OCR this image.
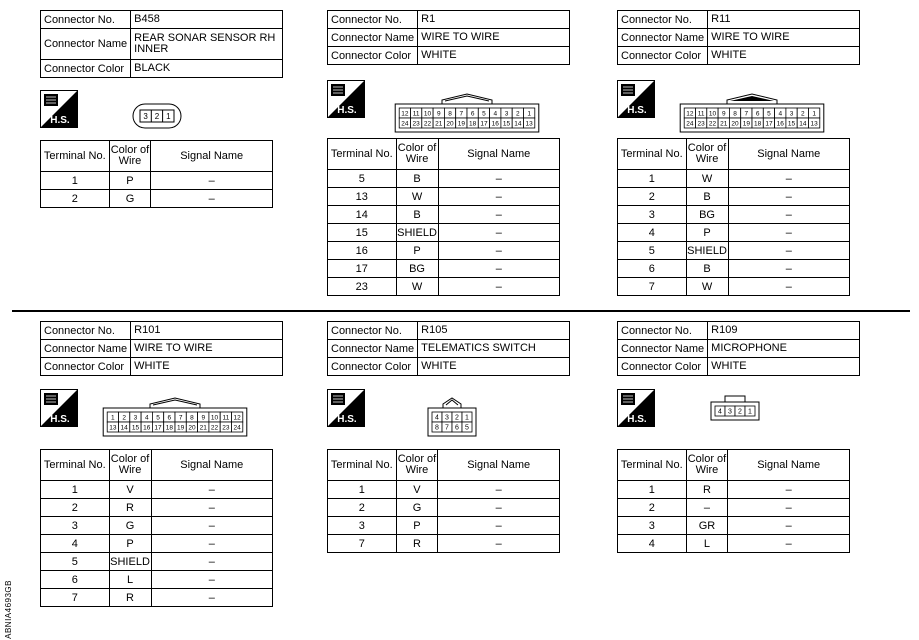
Connector No.	B458
Connector Name	REAR SONAR SENSOR RH INNER
Connector Color	BLACK
H.S.	3 2 1
Terminal No.	Color of Wire	Signal Name
1	P	–
2	G	–
Connector No.	R1
Connector Name	WIRE TO WIRE
Connector Color	WHITE
H.S.	12 11 10 9 8 7 6 5 4 3 2 1
24 23 22 21 20 19 18 17 16 15 14 13
Terminal No.	Color of Wire	Signal Name
5	B	–
13	W	–
14	B	–
15	SHIELD	–
16	P	–
17	BG	–
23	W	–
Connector No.	R11
Connector Name	WIRE TO WIRE
Connector Color	WHITE
H.S.	12 11 10 9 8 7 6 5 4 3 2 1
24 23 22 21 20 19 18 17 16 15 14 13
Terminal No.	Color of Wire	Signal Name
1	W	–
2	B	–
3	BG	–
4	P	–
5	SHIELD	–
6	B	–
7	W	–
Connector No.	R101
Connector Name	WIRE TO WIRE
Connector Color	WHITE
H.S.	1 2 3 4 5 6 7 8 9 10 11 12
13 14 15 16 17 18 19 20 21 22 23 24
Terminal No.	Color of Wire	Signal Name
1	V	–
2	R	–
3	G	–
4	P	–
5	SHIELD	–
6	L	–
7	R	–
Connector No.	R105
Connector Name	TELEMATICS SWITCH
Connector Color	WHITE
H.S.	4 3 2 1
8 7 6 5
Terminal No.	Color of Wire	Signal Name
1	V	–
2	G	–
3	P	–
7	R	–
Connector No.	R109
Connector Name	MICROPHONE
Connector Color	WHITE
H.S.
4 3 2 1
Terminal No.	Color of Wire	Signal Name
1	R	–
2	–	–
3	GR	–
4	L	–
ABNIA4693GB
